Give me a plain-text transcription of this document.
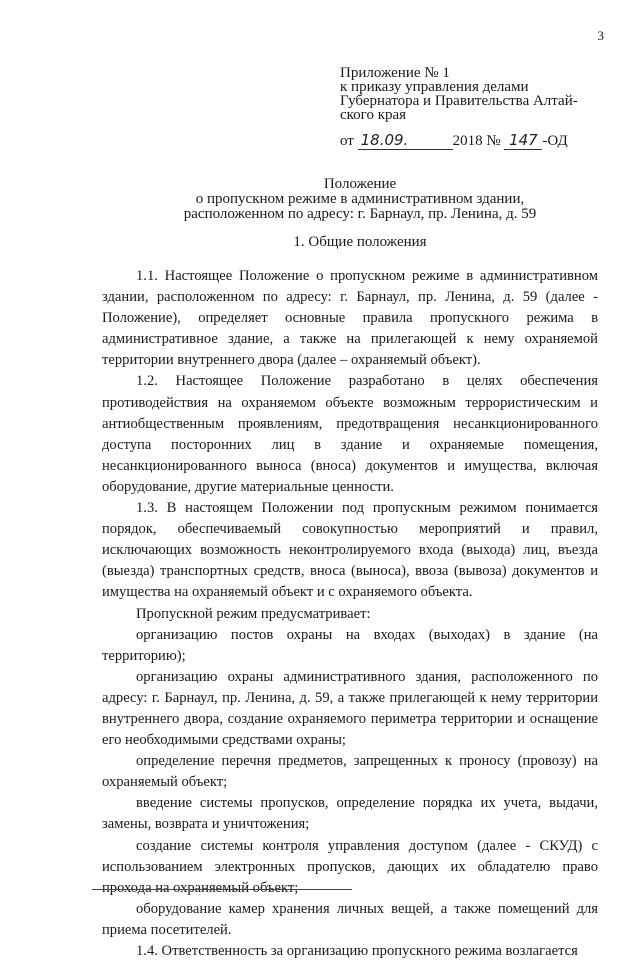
3
Приложение № 1
к приказу управления делами
Губернатора и Правительства Алтай-
ского края
от 18.09.	2018 № 147 -ОД
Положение
о пропускном режиме в административном здании,
расположенном по адресу: г. Барнаул, пр. Ленина, д. 59
1. Общие положения

1.1. Настоящее Положение о пропускном режиме в административном здании, расположенном по адресу: г. Барнаул, пр. Ленина, д. 59 (далее - Положение), определяет основные правила пропускного режима в административное здание, а также на прилегающей к нему охраняемой территории внутреннего двора (далее – охраняемый объект).

1.2. Настоящее Положение разработано в целях обеспечения противодействия на охраняемом объекте возможным террористическим и антиобщественным проявлениям, предотвращения несанкционированного доступа посторонних лиц в здание и охраняемые помещения, несанкционированного выноса (вноса) документов и имущества, включая оборудование, другие материальные ценности.

1.3. В настоящем Положении под пропускным режимом понимается порядок, обеспечиваемый совокупностью мероприятий и правил, исключающих возможность неконтролируемого входа (выхода) лиц, въезда (выезда) транспортных средств, вноса (выноса), ввоза (вывоза) документов и имущества на охраняемый объект и с охраняемого объекта.

Пропускной режим предусматривает:

организацию постов охраны на входах (выходах) в здание (на территорию);

организацию охраны административного здания, расположенного по адресу: г. Барнаул, пр. Ленина, д. 59, а также прилегающей к нему территории внутреннего двора, создание охраняемого периметра территории и оснащение его необходимыми средствами охраны;

определение перечня предметов, запрещенных к проносу (провозу) на охраняемый объект;

введение системы пропусков, определение порядка их учета, выдачи, замены, возврата и уничтожения;

создание системы контроля управления доступом (далее - СКУД) с использованием электронных пропусков, дающих их обладателю право прохода на охраняемый объект;

оборудование камер хранения личных вещей, а также помещений для приема посетителей.

1.4. Ответственность за организацию пропускного режима возлагается
